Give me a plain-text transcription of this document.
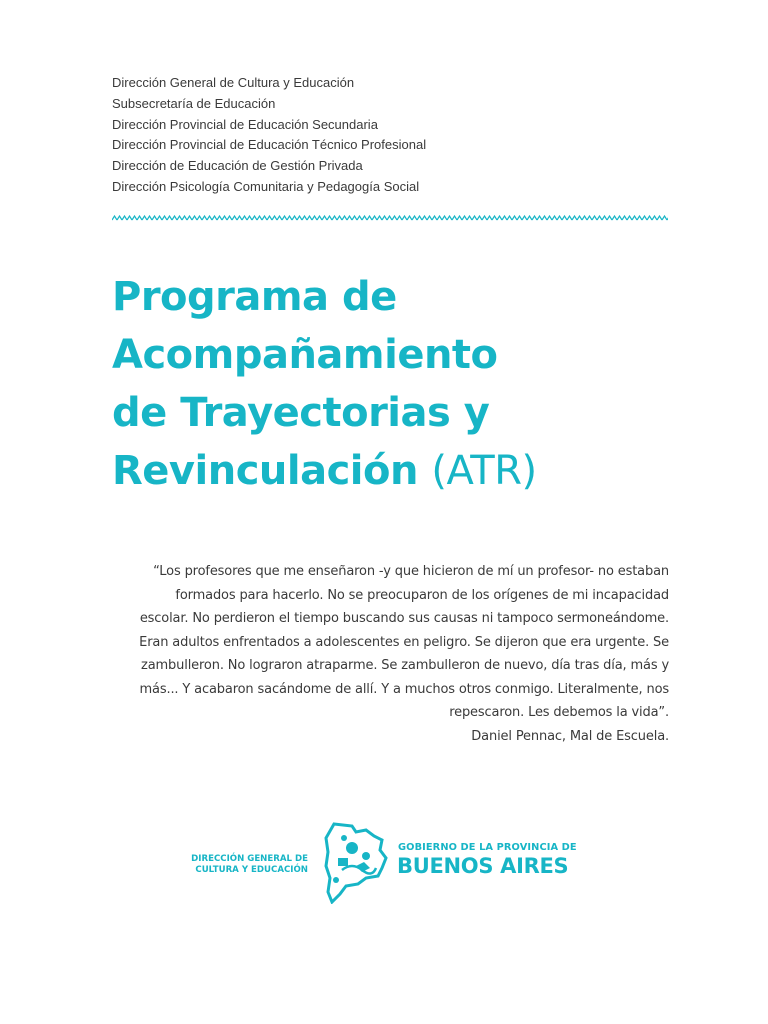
Dirección General de Cultura y Educación
Subsecretaría de Educación
Dirección Provincial de Educación Secundaria
Dirección Provincial de Educación Técnico Profesional
Dirección de Educación de Gestión Privada
Dirección Psicología Comunitaria y Pedagogía Social
Programa de
Acompañamiento
de Trayectorias y
Revinculación (ATR)
“Los profesores que me enseñaron -y que hicieron de mí un profesor- no estaban
formados para hacerlo. No se preocuparon de los orígenes de mi incapacidad
escolar. No perdieron el tiempo buscando sus causas ni tampoco sermoneándome.
Eran adultos enfrentados a adolescentes en peligro. Se dijeron que era urgente. Se
zambulleron. No lograron atraparme. Se zambulleron de nuevo, día tras día, más y
más... Y acabaron sacándome de allí. Y a muchos otros conmigo. Literalmente, nos
repescaron. Les debemos la vida”.
Daniel Pennac, Mal de Escuela.
DIRECCIÓN GENERAL DE
CULTURA Y EDUCACIÓN
GOBIERNO DE LA PROVINCIA DE
BUENOS AIRES
